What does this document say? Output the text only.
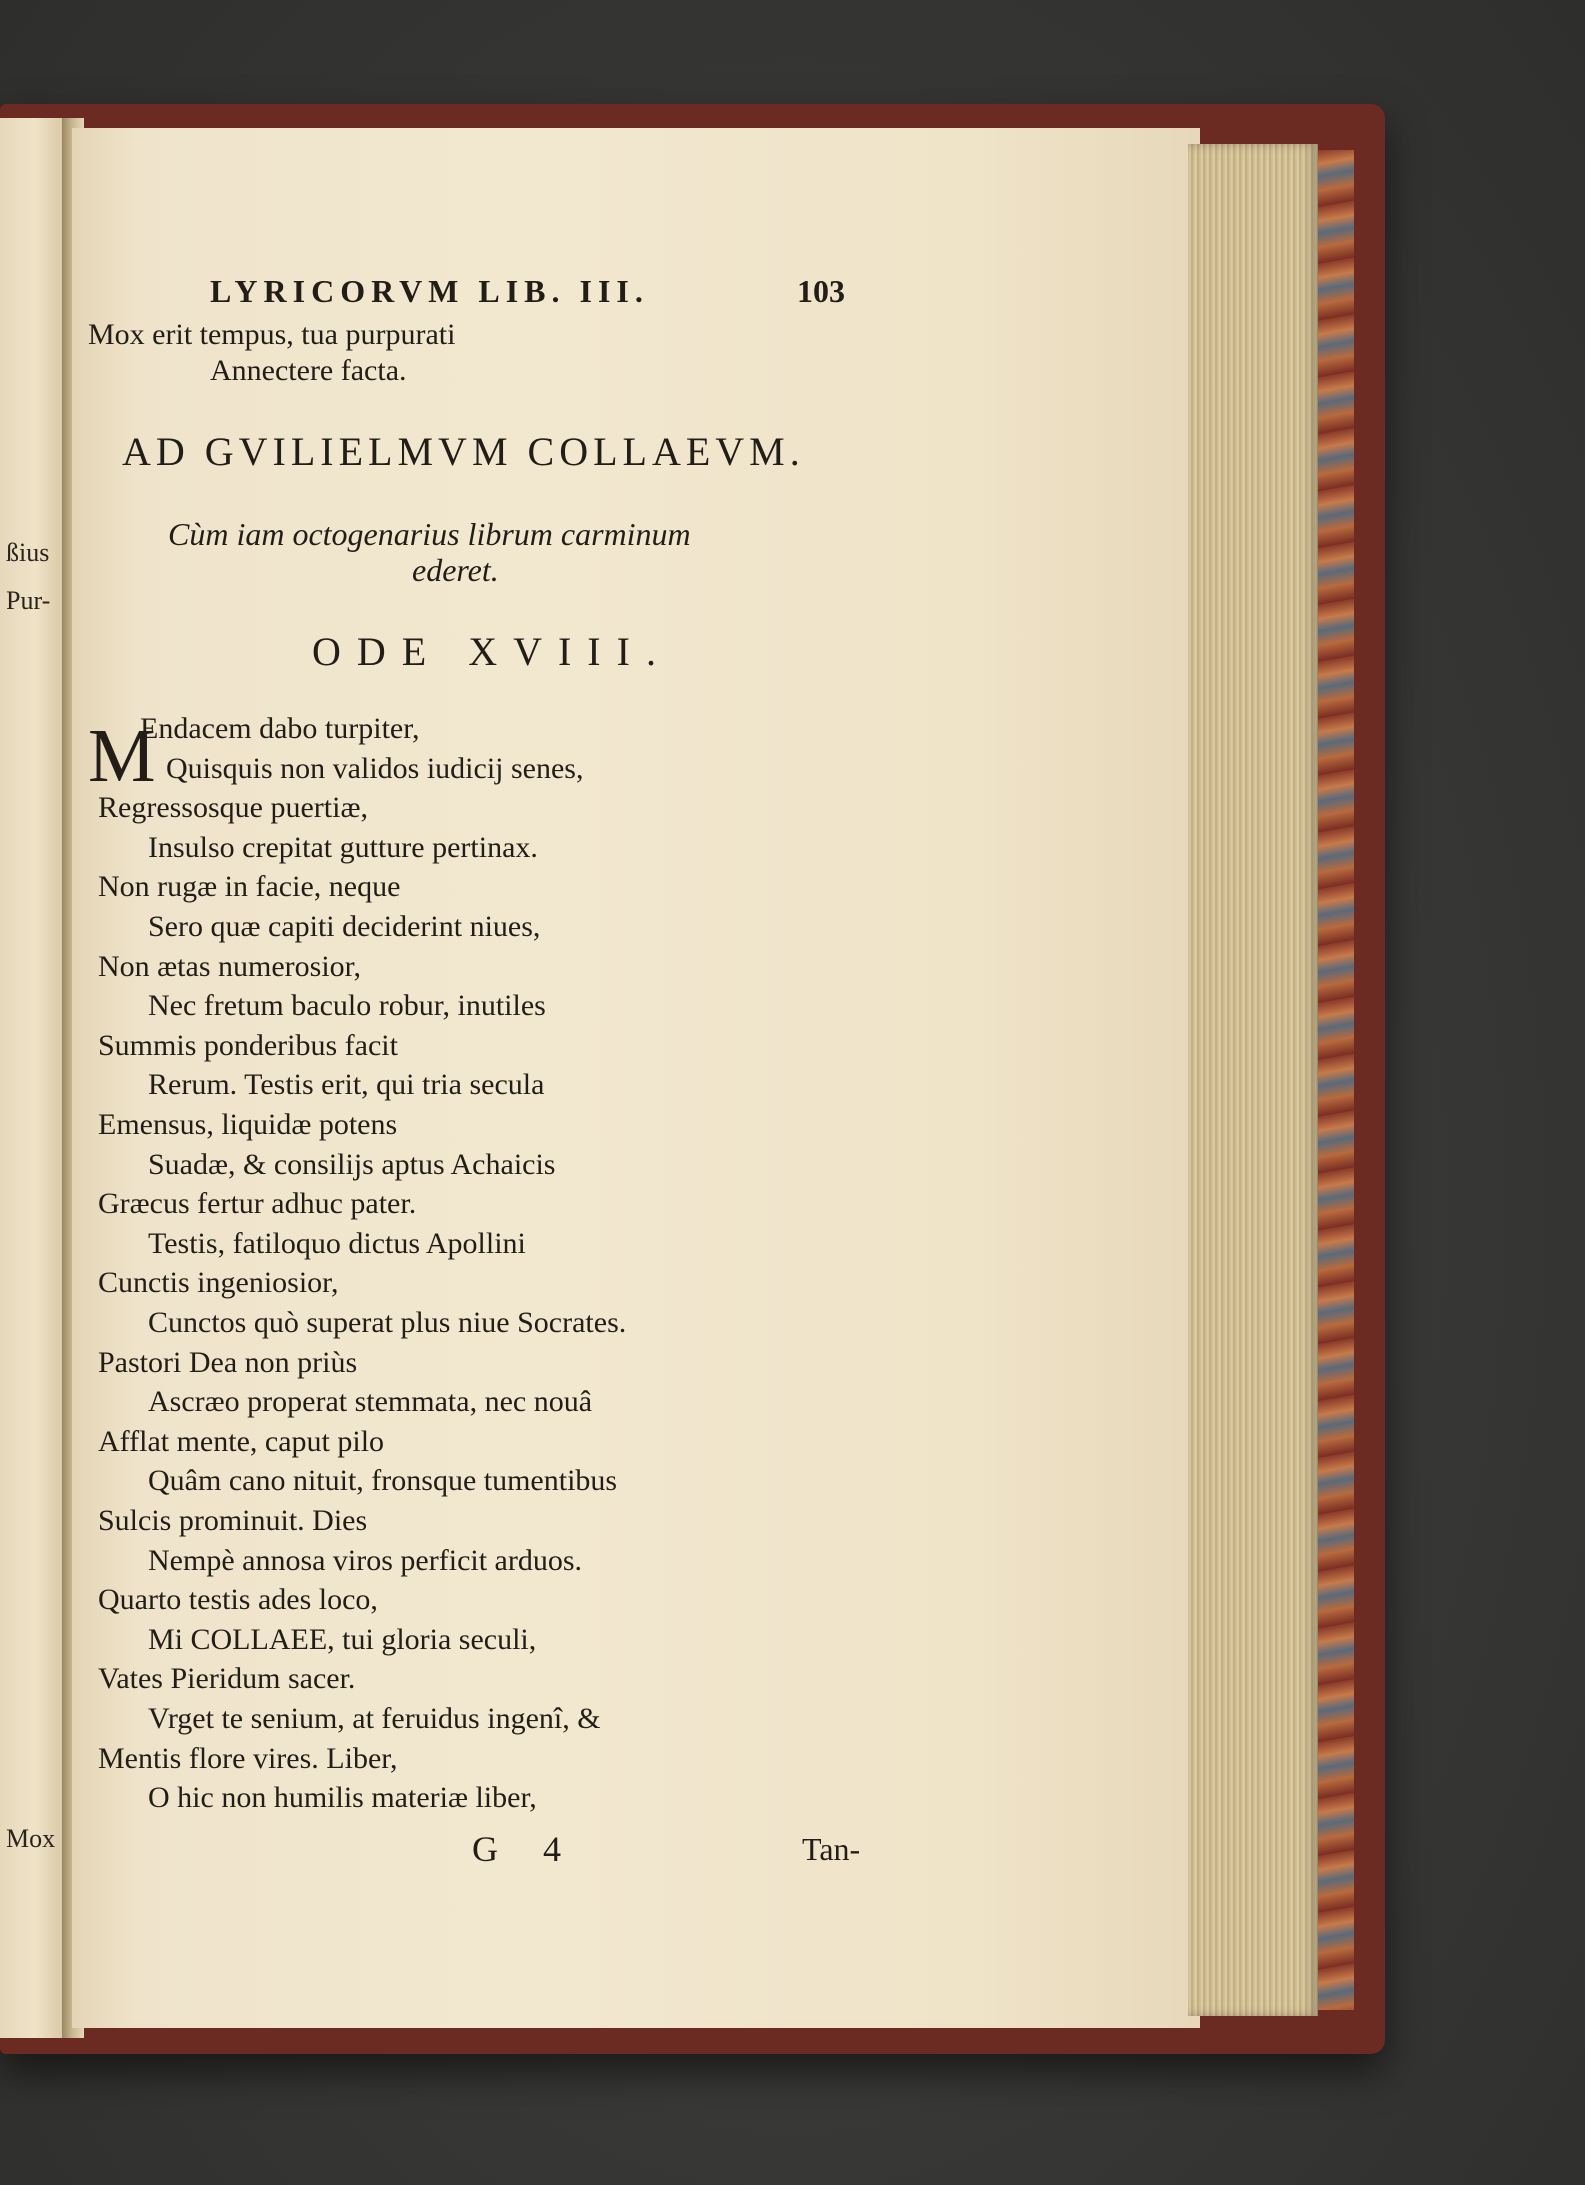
ßius
Pur-
Mox
LYRICORVM LIB. III.	103
Mox erit tempus, tua purpurati
Annectere facta.
AD GVILIELMVM COLLAEVM.
Cùm iam octogenarius librum carminum
ederet.
ODE XVIII.
M
Endacem dabo turpiter,
Quisquis non validos iudicij senes,
Regressosque puertiæ,
Insulso crepitat gutture pertinax.
Non rugæ in facie, neque
Sero quæ capiti deciderint niues,
Non ætas numerosior,
Nec fretum baculo robur, inutiles
Summis ponderibus facit
Rerum. Testis erit, qui tria secula
Emensus, liquidæ potens
Suadæ, & consilijs aptus Achaicis
Græcus fertur adhuc pater.
Testis, fatiloquo dictus Apollini
Cunctis ingeniosior,
Cunctos quò superat plus niue Socrates.
Pastori Dea non priùs
Ascræo properat stemmata, nec nouâ
Afflat mente, caput pilo
Quâm cano nituit, fronsque tumentibus
Sulcis prominuit. Dies
Nempè annosa viros perficit arduos.
Quarto testis ades loco,
Mi COLLAEE, tui gloria seculi,
Vates Pieridum sacer.
Vrget te senium, at feruidus ingenî, &
Mentis flore vires. Liber,
O hic non humilis materiæ liber,
G 4	Tan-
